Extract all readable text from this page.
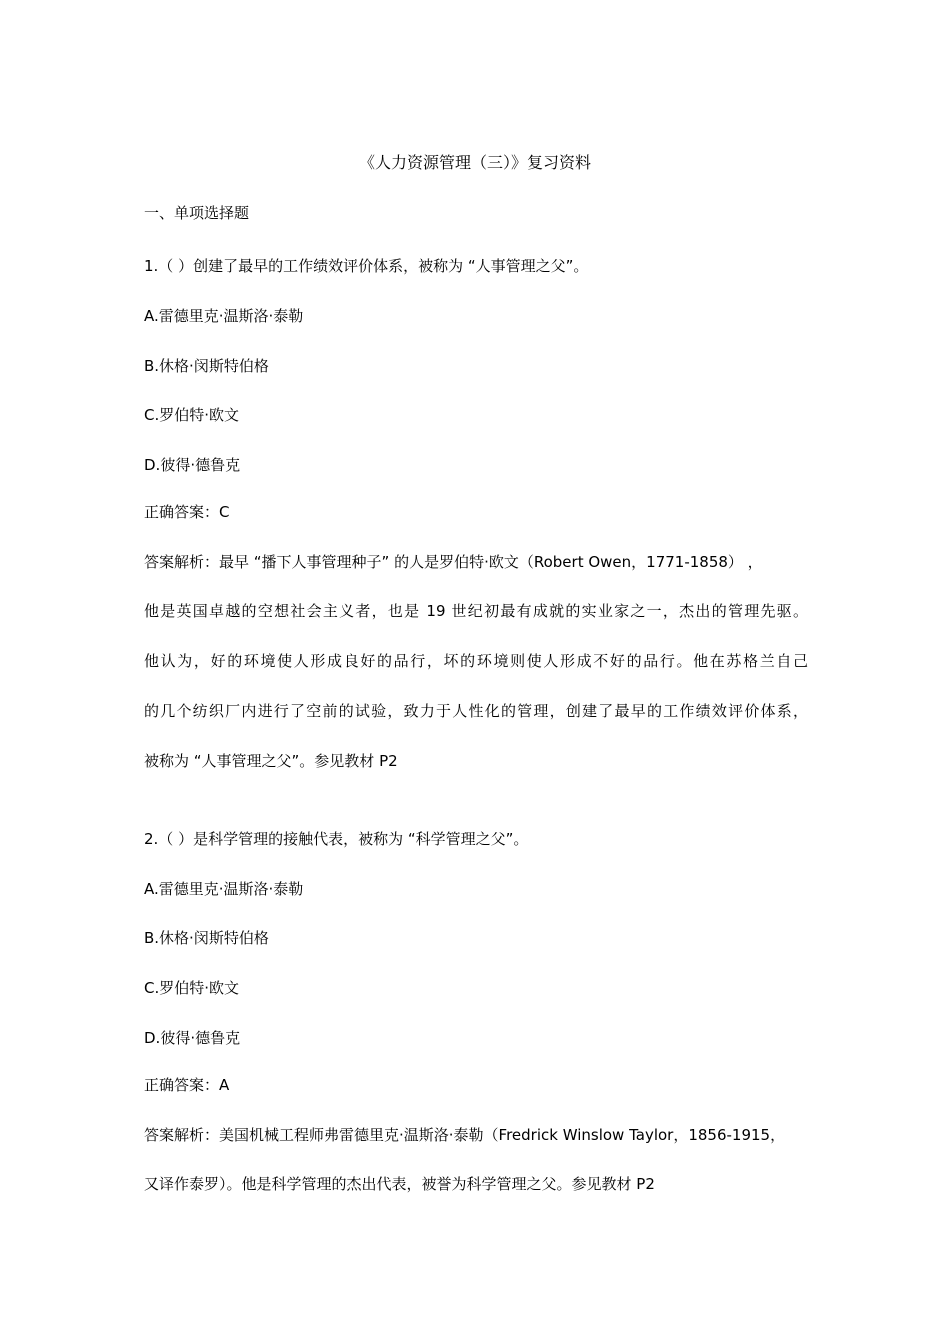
《人力资源管理（三）》复习资料
一、单项选择题
1.（ ）创建了最早的工作绩效评价体系，被称为 “人事管理之父”。
A.雷德里克·温斯洛·泰勒
B.休格·闵斯特伯格
C.罗伯特·欧文
D.彼得·德鲁克
正确答案：C
答案解析：最早 “播下人事管理种子” 的人是罗伯特·欧文（Robert Owen，1771-1858） ，
他是英国卓越的空想社会主义者，也是 19 世纪初最有成就的实业家之一，杰出的管理先驱。
他认为，好的环境使人形成良好的品行，坏的环境则使人形成不好的品行。他在苏格兰自己
的几个纺织厂内进行了空前的试验，致力于人性化的管理，创建了最早的工作绩效评价体系，
被称为 “人事管理之父”。参见教材 P2
2.（ ）是科学管理的接触代表，被称为 “科学管理之父”。
A.雷德里克·温斯洛·泰勒
B.休格·闵斯特伯格
C.罗伯特·欧文
D.彼得·德鲁克
正确答案：A
答案解析：美国机械工程师弗雷德里克·温斯洛·泰勒（Fredrick Winslow Taylor，1856-1915，
又译作泰罗）。他是科学管理的杰出代表，被誉为科学管理之父。参见教材 P2
